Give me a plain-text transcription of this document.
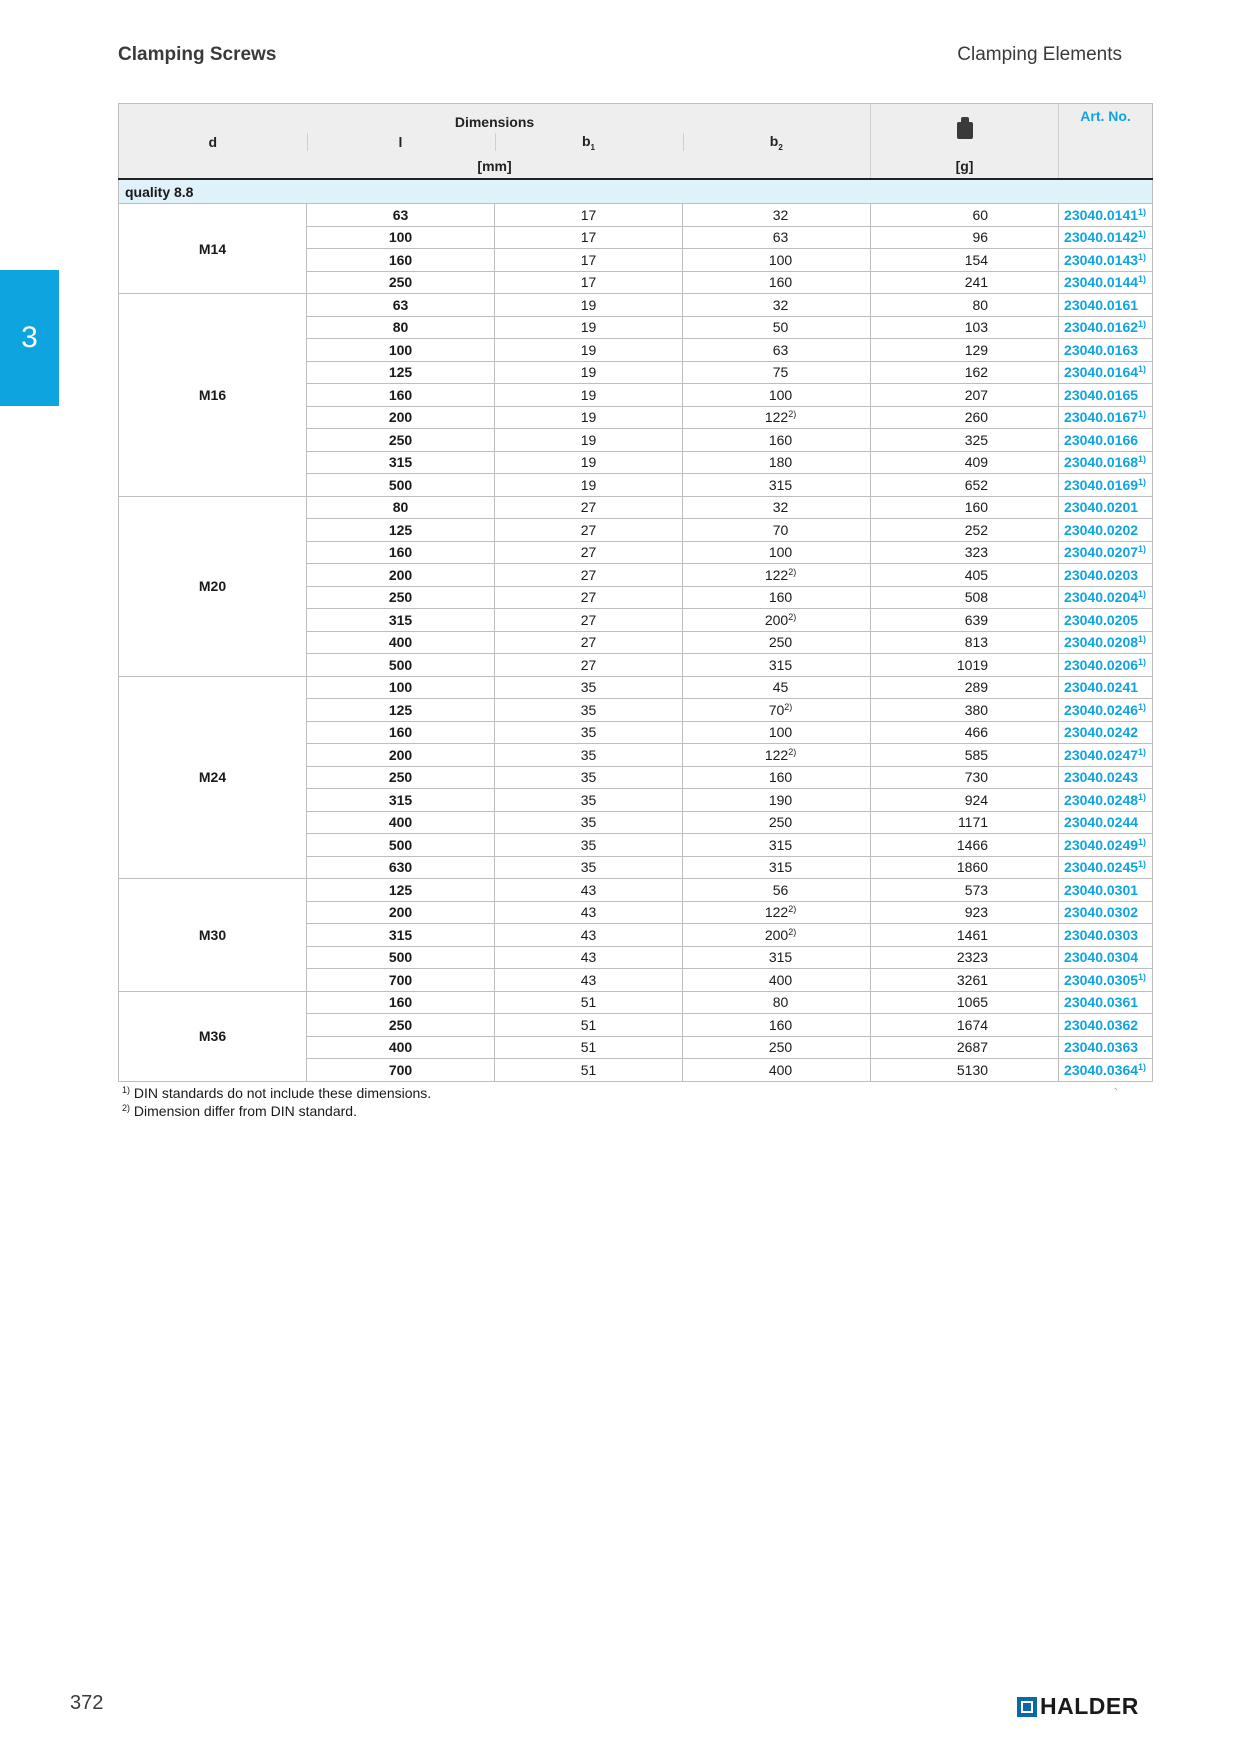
Clamping Screws	Clamping Elements
3
Dimensions					Art. No.
d	l	$b_1$	$b_2$
[mm]				[g]	
quality 8.8					
M14	63	17	32	60	23040.0141$^{1)}$
	100	17	63	96	23040.0142$^{1)}$
	160	17	100	154	23040.0143$^{1)}$
	250	17	160	241	23040.0144$^{1)}$
M16	63	19	32	80	23040.0161
	80	19	50	103	23040.0162$^{1)}$
	100	19	63	129	23040.0163
	125	19	75	162	23040.0164$^{1)}$
	160	19	100	207	23040.0165
	200	19	122$^{2)}$	260	23040.0167$^{1)}$
	250	19	160	325	23040.0166
	315	19	180	409	23040.0168$^{1)}$
	500	19	315	652	23040.0169$^{1)}$
M20	80	27	32	160	23040.0201
	125	27	70	252	23040.0202
	160	27	100	323	23040.0207$^{1)}$
	200	27	122$^{2)}$	405	23040.0203
	250	27	160	508	23040.0204$^{1)}$
	315	27	200$^{2)}$	639	23040.0205
	400	27	250	813	23040.0208$^{1)}$
	500	27	315	1019	23040.0206$^{1)}$
M24	100	35	45	289	23040.0241
	125	35	70$^{2)}$	380	23040.0246$^{1)}$
	160	35	100	466	23040.0242
	200	35	122$^{2)}$	585	23040.0247$^{1)}$
	250	35	160	730	23040.0243
	315	35	190	924	23040.0248$^{1)}$
	400	35	250	1171	23040.0244
	500	35	315	1466	23040.0249$^{1)}$
	630	35	315	1860	23040.0245$^{1)}$
M30	125	43	56	573	23040.0301
	200	43	122$^{2)}$	923	23040.0302
	315	43	200$^{2)}$	1461	23040.0303
	500	43	315	2323	23040.0304
	700	43	400	3261	23040.0305$^{1)}$
M36	160	51	80	1065	23040.0361
	250	51	160	1674	23040.0362
	400	51	250	2687	23040.0363
	700	51	400	5130	23040.0364$^{1)}$
$^{1)}$ DIN standards do not include these dimensions.
$^{2)}$ Dimension differ from DIN standard.
`
372	HALDER
